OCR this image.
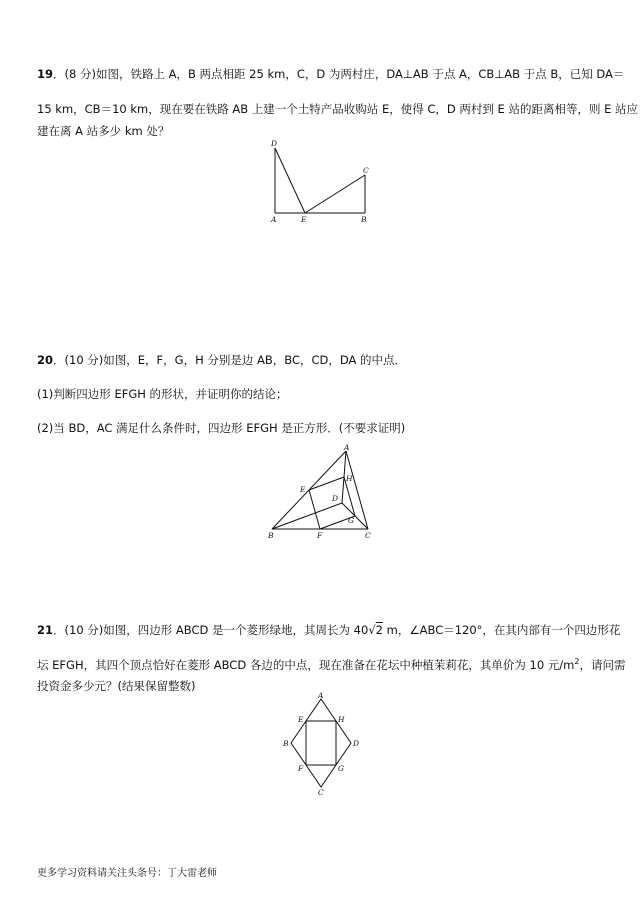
19．(8 分)如图，铁路上 A，B 两点相距 25 km，C，D 为两村庄，DA⊥AB 于点 A，CB⊥AB 于点 B，已知 DA＝
15 km，CB＝10 km，现在要在铁路 AB 上建一个土特产品收购站 E，使得 C，D 两村到 E 站的距离相等，则 E 站应
建在离 A 站多少 km 处？
D
C
A	E	B
20．(10 分)如图，E，F，G，H 分别是边 AB，BC，CD，DA 的中点．
(1)判断四边形 EFGH 的形状，并证明你的结论；
(2)当 BD，AC 满足什么条件时，四边形 EFGH 是正方形．(不要求证明)
A
H
E
D
G
B	F	C
21．(10 分)如图，四边形 ABCD 是一个菱形绿地，其周长为 40√2 m，∠ABC＝120°，在其内部有一个四边形花
坛 EFGH，其四个顶点恰好在菱形 ABCD 各边的中点，现在准备在花坛中种植茉莉花，其单价为 10 元$/m^2$，请问需
投资金多少元？(结果保留整数)
A
E	H
B	D
F	G
C
更多学习资料请关注头条号：丁大雷老师
